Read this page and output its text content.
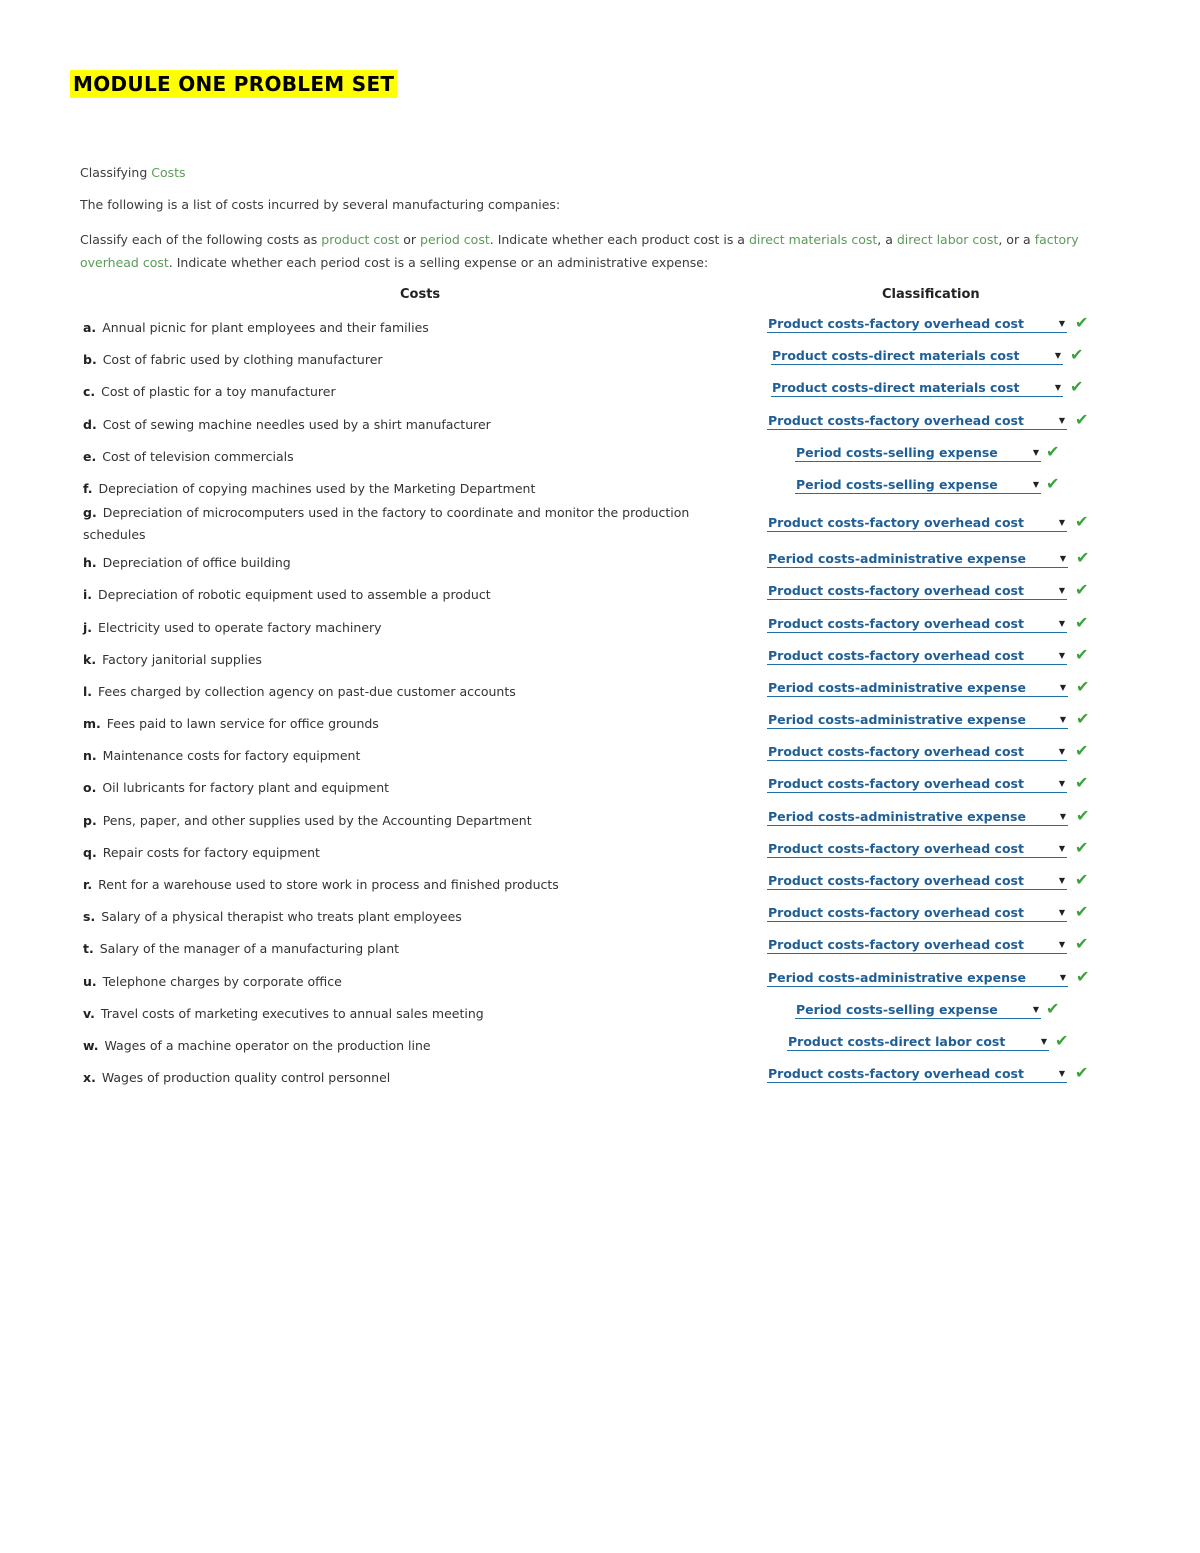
MODULE ONE PROBLEM SET

Classifying Costs

The following is a list of costs incurred by several manufacturing companies:

Classify each of the following costs as product cost or period cost. Indicate whether each product cost is a direct materials cost, a direct labor cost, or a factory overhead cost. Indicate whether each period cost is a selling expense or an administrative expense:

Costs	Classification
a. Annual picnic for plant employees and their families	Product costs-factory overhead cost	▼ ✔
b. Cost of fabric used by clothing manufacturer	Product costs-direct materials cost	▼ ✔
c. Cost of plastic for a toy manufacturer	Product costs-direct materials cost	▼ ✔
d. Cost of sewing machine needles used by a shirt manufacturer	Product costs-factory overhead cost	▼ ✔
e. Cost of television commercials	Period costs-selling expense	▼ ✔
f. Depreciation of copying machines used by the Marketing Department	Period costs-selling expense	▼ ✔
g. Depreciation of microcomputers used in the factory to coordinate and monitor the production schedules
Product costs-factory overhead cost	▼ ✔
h. Depreciation of office building	Period costs-administrative expense	▼ ✔
i. Depreciation of robotic equipment used to assemble a product	Product costs-factory overhead cost	▼ ✔
j. Electricity used to operate factory machinery	Product costs-factory overhead cost	▼ ✔
k. Factory janitorial supplies	Product costs-factory overhead cost	▼ ✔
l. Fees charged by collection agency on past-due customer accounts	Period costs-administrative expense	▼ ✔
m. Fees paid to lawn service for office grounds	Period costs-administrative expense	▼ ✔
n. Maintenance costs for factory equipment	Product costs-factory overhead cost	▼ ✔
o. Oil lubricants for factory plant and equipment	Product costs-factory overhead cost	▼ ✔
p. Pens, paper, and other supplies used by the Accounting Department	Period costs-administrative expense	▼ ✔
q. Repair costs for factory equipment	Product costs-factory overhead cost	▼ ✔
r. Rent for a warehouse used to store work in process and finished products	Product costs-factory overhead cost	▼ ✔
s. Salary of a physical therapist who treats plant employees	Product costs-factory overhead cost	▼ ✔
t. Salary of the manager of a manufacturing plant	Product costs-factory overhead cost	▼ ✔
u. Telephone charges by corporate office	Period costs-administrative expense	▼ ✔
v. Travel costs of marketing executives to annual sales meeting	Period costs-selling expense	▼ ✔
w. Wages of a machine operator on the production line	Product costs-direct labor cost	▼ ✔
x. Wages of production quality control personnel	Product costs-factory overhead cost	▼ ✔
